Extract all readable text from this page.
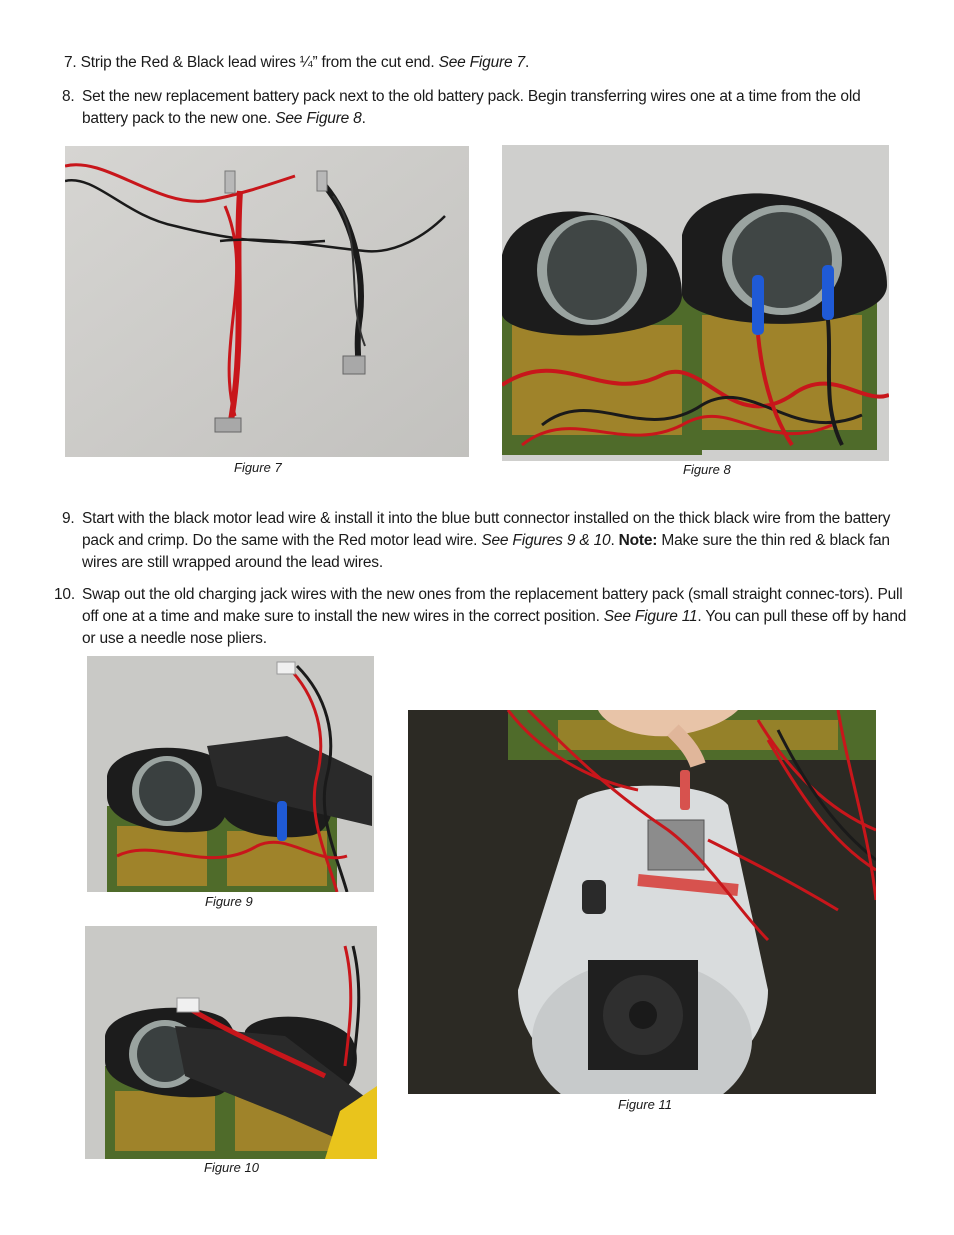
7. Strip the Red & Black lead wires ¼” from the cut end. See Figure 7.
8. Set the new replacement battery pack next to the old battery pack. Begin transferring wires one at a time from the old battery pack to the new one. See Figure 8.
Figure 7	Figure 8
9. Start with the black motor lead wire & install it into the blue butt connector installed on the thick black wire from the battery pack and crimp. Do the same with the Red motor lead wire. See Figures 9 & 10. Note: Make sure the thin red & black fan wires are still wrapped around the lead wires.
10. Swap out the old charging jack wires with the new ones from the replacement battery pack (small straight connec-tors). Pull off one at a time and make sure to install the new wires in the correct position. See Figure 11. You can pull these off by hand or use a needle nose pliers.
Figure 9
Figure 10
Figure 11
